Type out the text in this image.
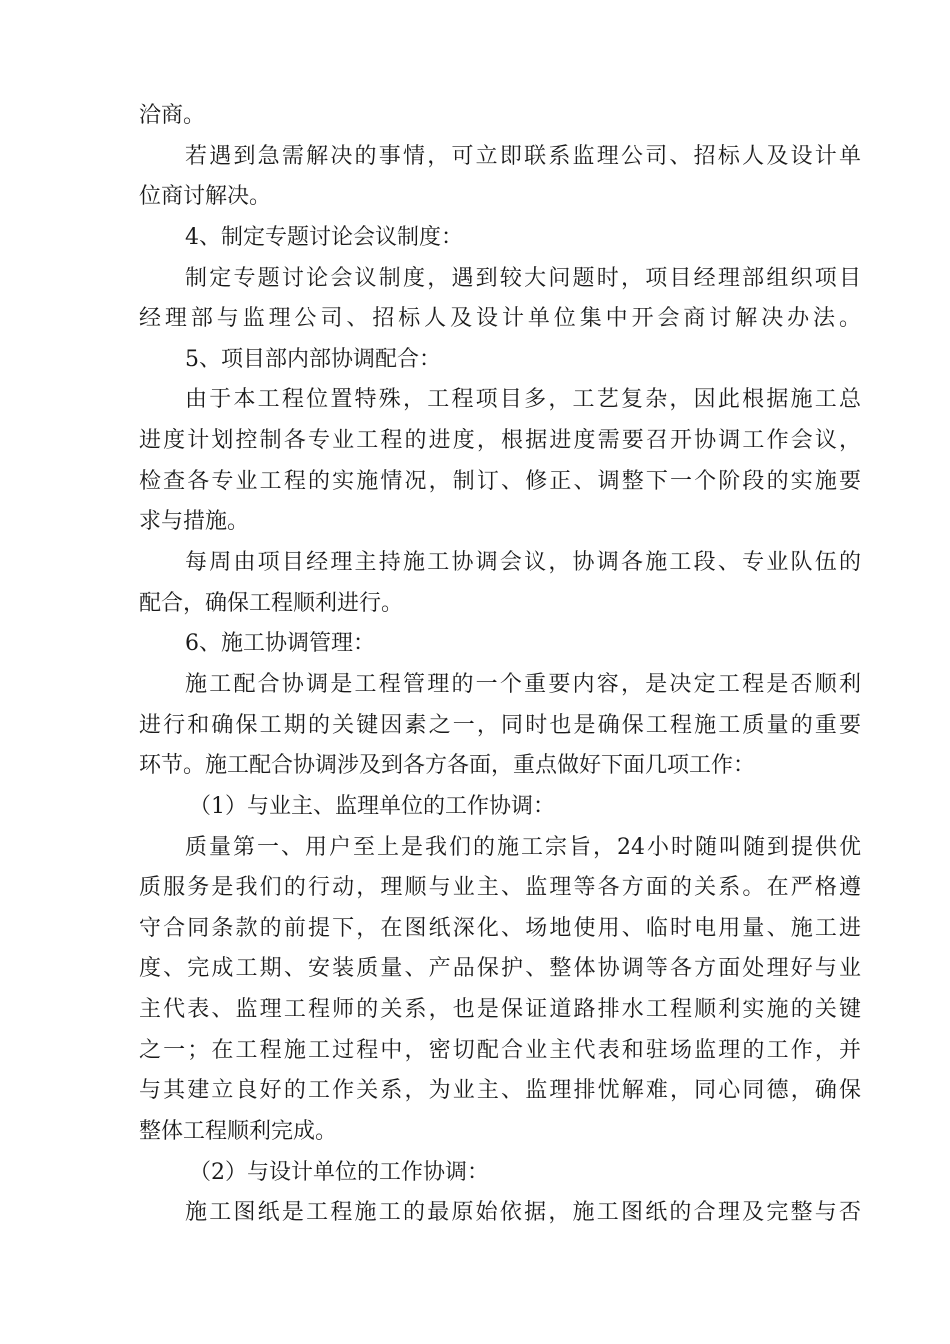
洽商。
若遇到急需解决的事情，可立即联系监理公司、招标人及设计单
位商讨解决。
4、制定专题讨论会议制度：
制定专题讨论会议制度，遇到较大问题时，项目经理部组织项目
经理部与监理公司、招标人及设计单位集中开会商讨解决办法。
5、项目部内部协调配合：
由于本工程位置特殊，工程项目多，工艺复杂，因此根据施工总
进度计划控制各专业工程的进度，根据进度需要召开协调工作会议，
检查各专业工程的实施情况，制订、修正、调整下一个阶段的实施要
求与措施。
每周由项目经理主持施工协调会议，协调各施工段、专业队伍的
配合，确保工程顺利进行。
6、施工协调管理：
施工配合协调是工程管理的一个重要内容，是决定工程是否顺利
进行和确保工期的关键因素之一，同时也是确保工程施工质量的重要
环节。施工配合协调涉及到各方各面，重点做好下面几项工作：
（1）与业主、监理单位的工作协调：
质量第一、用户至上是我们的施工宗旨，24小时随叫随到提供优
质服务是我们的行动，理顺与业主、监理等各方面的关系。在严格遵
守合同条款的前提下，在图纸深化、场地使用、临时电用量、施工进
度、完成工期、安装质量、产品保护、整体协调等各方面处理好与业
主代表、监理工程师的关系，也是保证道路排水工程顺利实施的关键
之一；在工程施工过程中，密切配合业主代表和驻场监理的工作，并
与其建立良好的工作关系，为业主、监理排忧解难，同心同德，确保
整体工程顺利完成。
（2）与设计单位的工作协调：
施工图纸是工程施工的最原始依据，施工图纸的合理及完整与否
